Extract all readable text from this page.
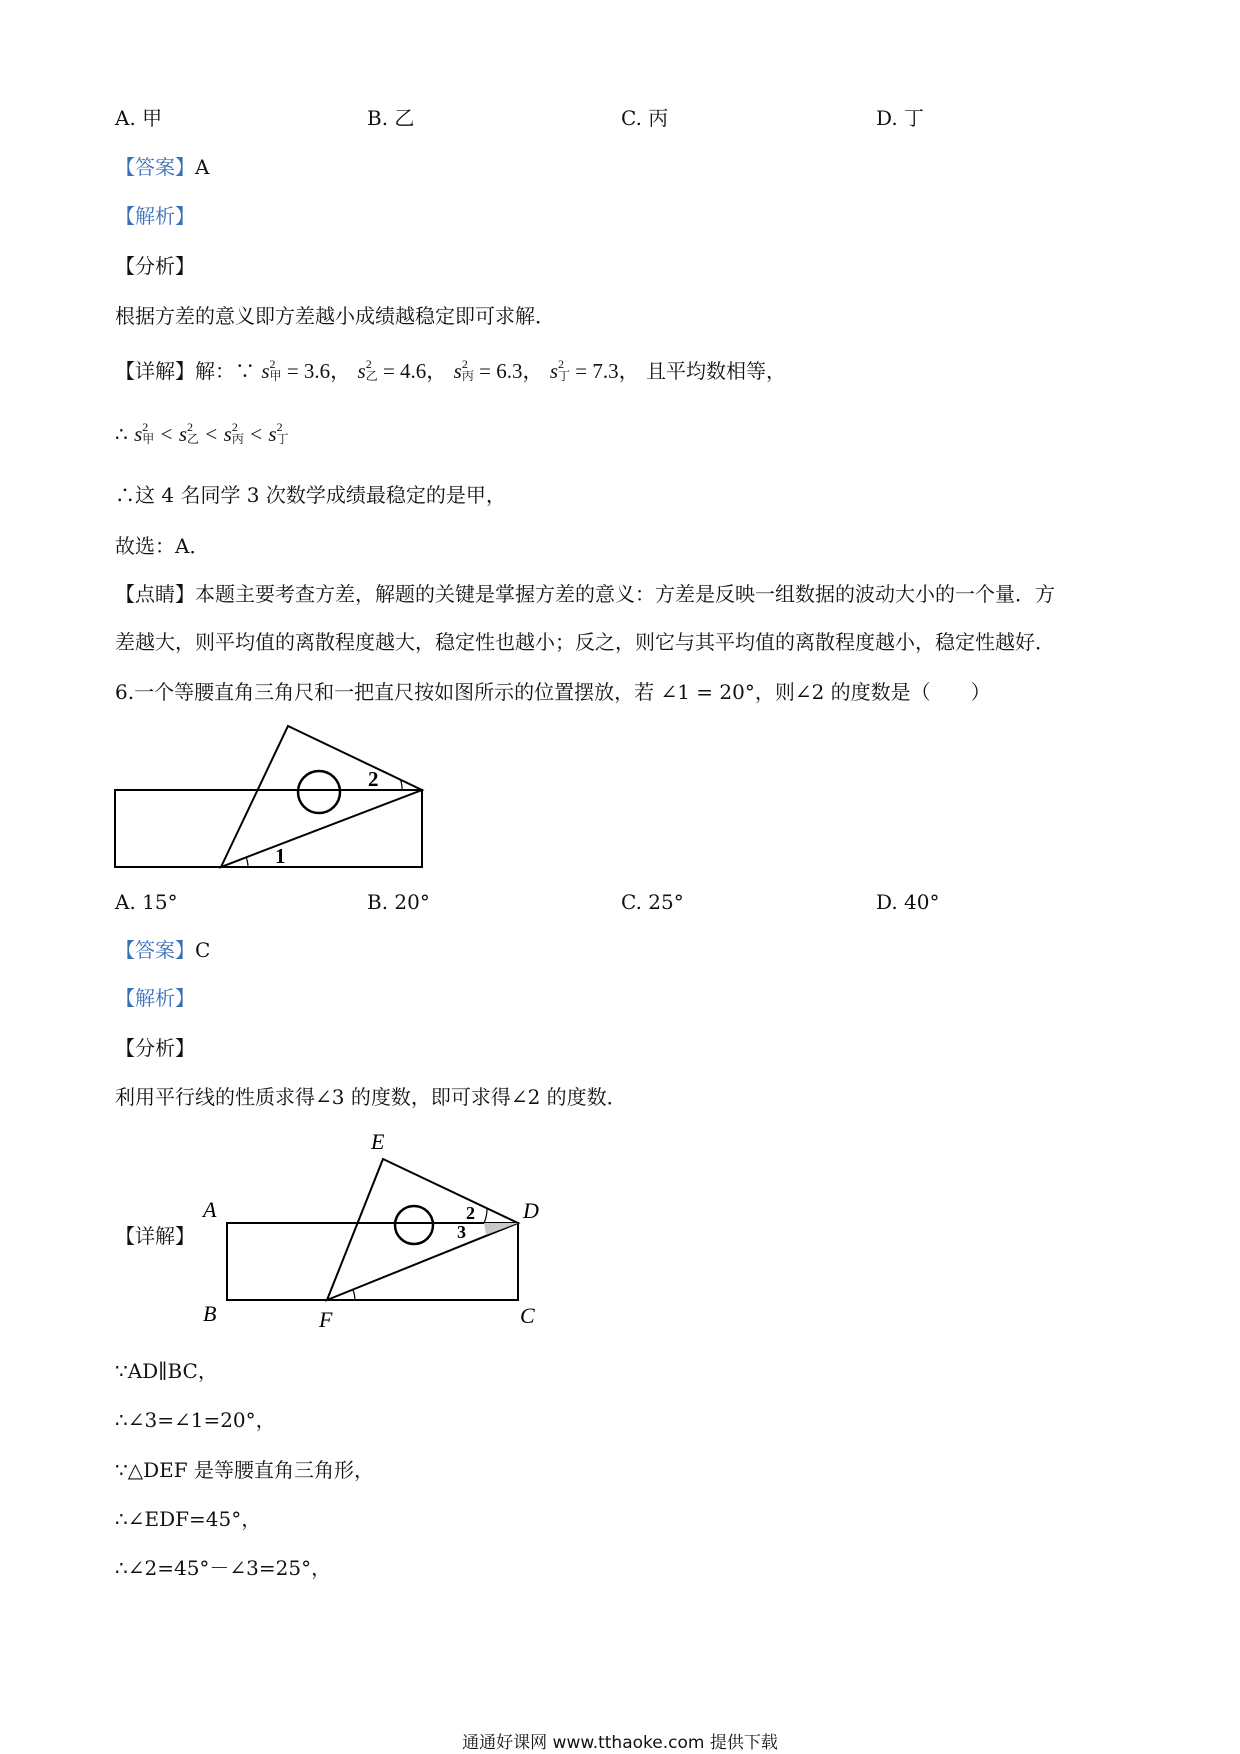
A. 甲	B. 乙	C. 丙	D. 丁
【答案】A
【解析】
【分析】
根据方差的意义即方差越小成绩越稳定即可求解．
【详解】解：∵ s 2
甲 = 3.6， s 2
乙 = 4.6， s 2
丙 = 6.3， s 2
丁 = 7.3， 且平均数相等，
∴ s 2
甲 < s 2
乙 < s 2
丙 < s 2
丁
∴这 4 名同学 3 次数学成绩最稳定的是甲，
故选：A．
【点睛】本题主要考查方差，解题的关键是掌握方差的意义：方差是反映一组数据的波动大小的一个量．方
差越大，则平均值的离散程度越大，稳定性也越小；反之，则它与其平均值的离散程度越小，稳定性越好．
6.一个等腰直角三角尺和一把直尺按如图所示的位置摆放，若 ∠1 = 20°，则∠2 的度数是（　　）
1
2
A. 15°	B. 20°	C. 25°	D. 40°
【答案】C
【解析】
【分析】
利用平行线的性质求得∠3 的度数，即可求得∠2 的度数．
【详解】
E
A	D
B	F	C
2
3
∵AD∥BC，
∴∠3=∠1=20°，
∵△DEF 是等腰直角三角形，
∴∠EDF=45°，
∴∠2=45°－∠3=25°，
通通好课网 www.tthaoke.com 提供下载
